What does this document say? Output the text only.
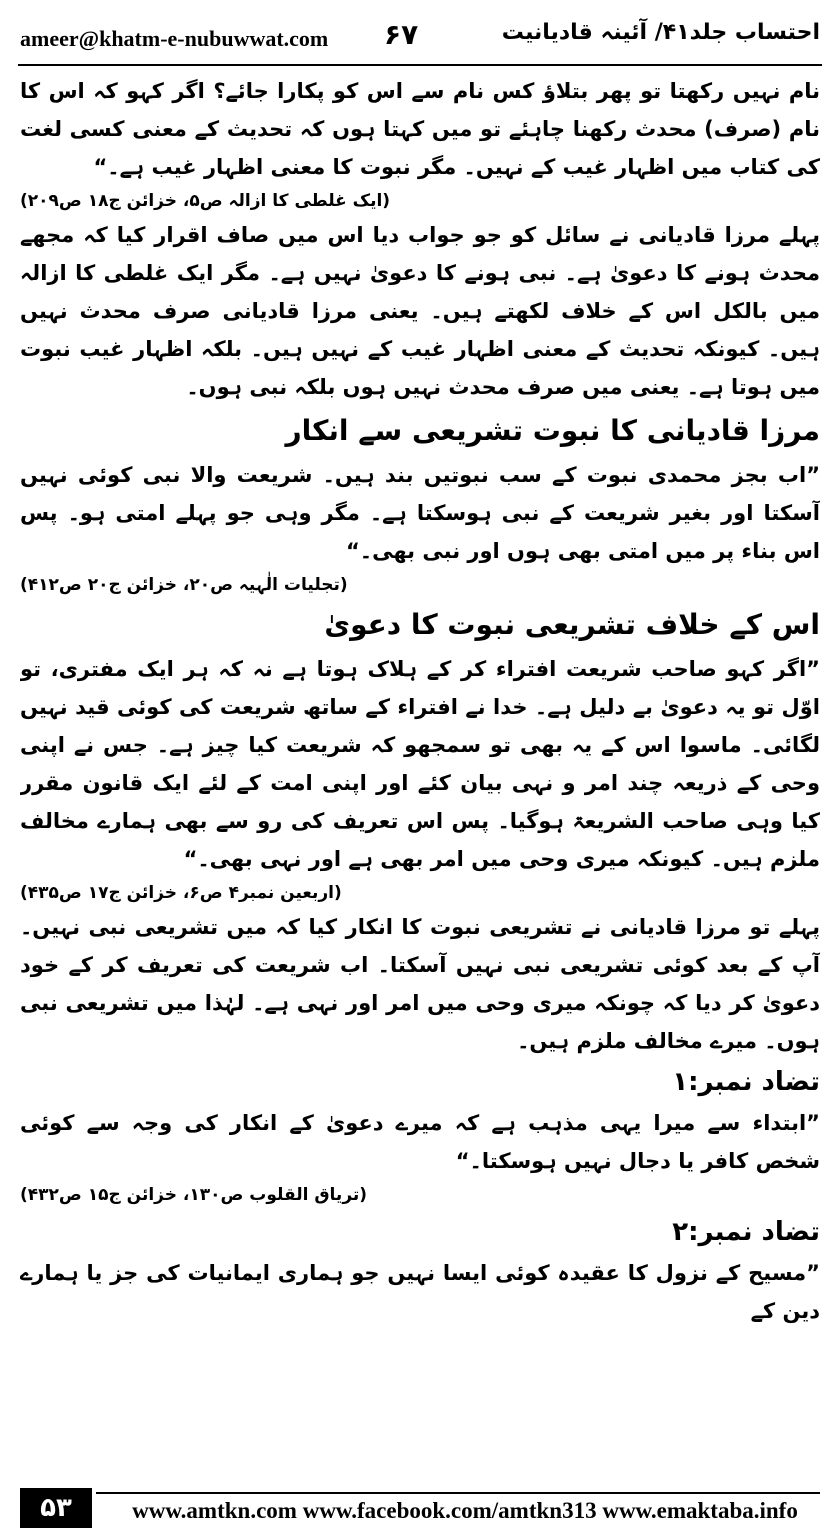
ameer@khatm-e-nubuwwat.com	۶۷	احتساب جلد۴۱/ آئینہ قادیانیت

نام نہیں رکھتا تو پھر بتلاؤ کس نام سے اس کو پکارا جائے؟ اگر کہو کہ اس کا نام (صرف) محدث رکھنا چاہئے تو میں کہتا ہوں کہ تحدیث کے معنی کسی لغت کی کتاب میں اظہار غیب کے نہیں۔ مگر نبوت کا معنی اظہار غیب ہے۔“
(ایک غلطی کا ازالہ ص۵، خزائن ج۱۸ ص۲۰۹)

پہلے مرزا قادیانی نے سائل کو جو جواب دیا اس میں صاف اقرار کیا کہ مجھے محدث ہونے کا دعویٰ ہے۔ نبی ہونے کا دعویٰ نہیں ہے۔ مگر ایک غلطی کا ازالہ میں بالکل اس کے خلاف لکھتے ہیں۔ یعنی مرزا قادیانی صرف محدث نہیں ہیں۔ کیونکہ تحدیث کے معنی اظہار غیب کے نہیں ہیں۔ بلکہ اظہار غیب نبوت میں ہوتا ہے۔ یعنی میں صرف محدث نہیں ہوں بلکہ نبی ہوں۔

مرزا قادیانی کا نبوت تشریعی سے انکار

”اب بجز محمدی نبوت کے سب نبوتیں بند ہیں۔ شریعت والا نبی کوئی نہیں آسکتا اور بغیر شریعت کے نبی ہوسکتا ہے۔ مگر وہی جو پہلے امتی ہو۔ پس اس بناء پر میں امتی بھی ہوں اور نبی بھی۔“
(تجلیات الٰہیہ ص۲۰، خزائن ج۲۰ ص۴۱۲)

اس کے خلاف تشریعی نبوت کا دعویٰ

”اگر کہو صاحب شریعت افتراء کر کے ہلاک ہوتا ہے نہ کہ ہر ایک مفتری، تو اوّل تو یہ دعویٰ بے دلیل ہے۔ خدا نے افتراء کے ساتھ شریعت کی کوئی قید نہیں لگائی۔ ماسوا اس کے یہ بھی تو سمجھو کہ شریعت کیا چیز ہے۔ جس نے اپنی وحی کے ذریعہ چند امر و نہی بیان کئے اور اپنی امت کے لئے ایک قانون مقرر کیا وہی صاحب الشریعۃ ہوگیا۔ پس اس تعریف کی رو سے بھی ہمارے مخالف ملزم ہیں۔ کیونکہ میری وحی میں امر بھی ہے اور نہی بھی۔“
(اربعین نمبر۴ ص۶، خزائن ج۱۷ ص۴۳۵)

پہلے تو مرزا قادیانی نے تشریعی نبوت کا انکار کیا کہ میں تشریعی نبی نہیں۔ آپ کے بعد کوئی تشریعی نبی نہیں آسکتا۔ اب شریعت کی تعریف کر کے خود دعویٰ کر دیا کہ چونکہ میری وحی میں امر اور نہی ہے۔ لہٰذا میں تشریعی نبی ہوں۔ میرے مخالف ملزم ہیں۔

تضاد نمبر:۱

”ابتداء سے میرا یہی مذہب ہے کہ میرے دعویٰ کے انکار کی وجہ سے کوئی شخص کافر یا دجال نہیں ہوسکتا۔“
(تریاق القلوب ص۱۳۰، خزائن ج۱۵ ص۴۳۲)

تضاد نمبر:۲

”مسیح کے نزول کا عقیدہ کوئی ایسا نہیں جو ہماری ایمانیات کی جز یا ہمارے دین کے

۵۳	www.amtkn.com www.facebook.com/amtkn313 www.emaktaba.info
